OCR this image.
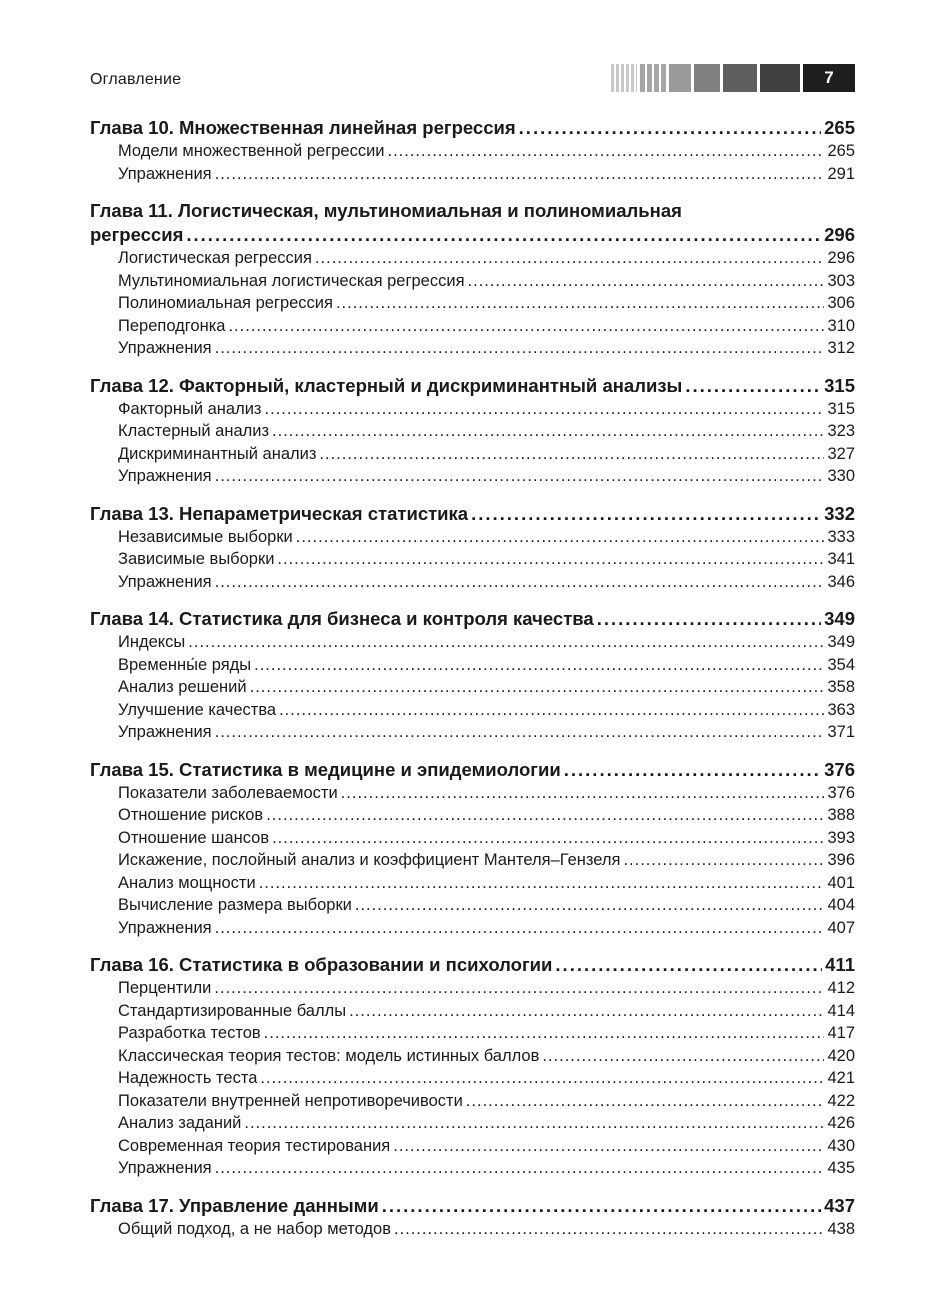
Оглавление	7
Глава 10. Множественная линейная регрессия .....	265
Модели множественной регрессии .....	265
Упражнения .....	291
Глава 11. Логистическая, мультиномиальная и полиномиальная
регрессия .....	296
Логистическая регрессия .....	296
Мультиномиальная логистическая регрессия .....	303
Полиномиальная регрессия .....	306
Переподгонка .....	310
Упражнения .....	312
Глава 12. Факторный, кластерный и дискриминантный анализы .....	315
Факторный анализ .....	315
Кластерный анализ .....	323
Дискриминантный анализ .....	327
Упражнения .....	330
Глава 13. Непараметрическая статистика .....	332
Независимые выборки .....	333
Зависимые выборки .....	341
Упражнения .....	346
Глава 14. Статистика для бизнеса и контроля качества .....	349
Индексы .....	349
Временны́е ряды .....	354
Анализ решений .....	358
Улучшение качества .....	363
Упражнения .....	371
Глава 15. Статистика в медицине и эпидемиологии .....	376
Показатели заболеваемости .....	376
Отношение рисков .....	388
Отношение шансов .....	393
Искажение, послойный анализ и коэффициент Мантеля–Гензеля .....	396
Анализ мощности .....	401
Вычисление размера выборки .....	404
Упражнения .....	407
Глава 16. Статистика в образовании и психологии .....	411
Перцентили .....	412
Стандартизированные баллы .....	414
Разработка тестов .....	417
Классическая теория тестов: модель истинных баллов .....	420
Надежность теста .....	421
Показатели внутренней непротиворечивости .....	422
Анализ заданий .....	426
Современная теория тестирования .....	430
Упражнения .....	435
Глава 17. Управление данными .....	437
Общий подход, а не набор методов .....	438
